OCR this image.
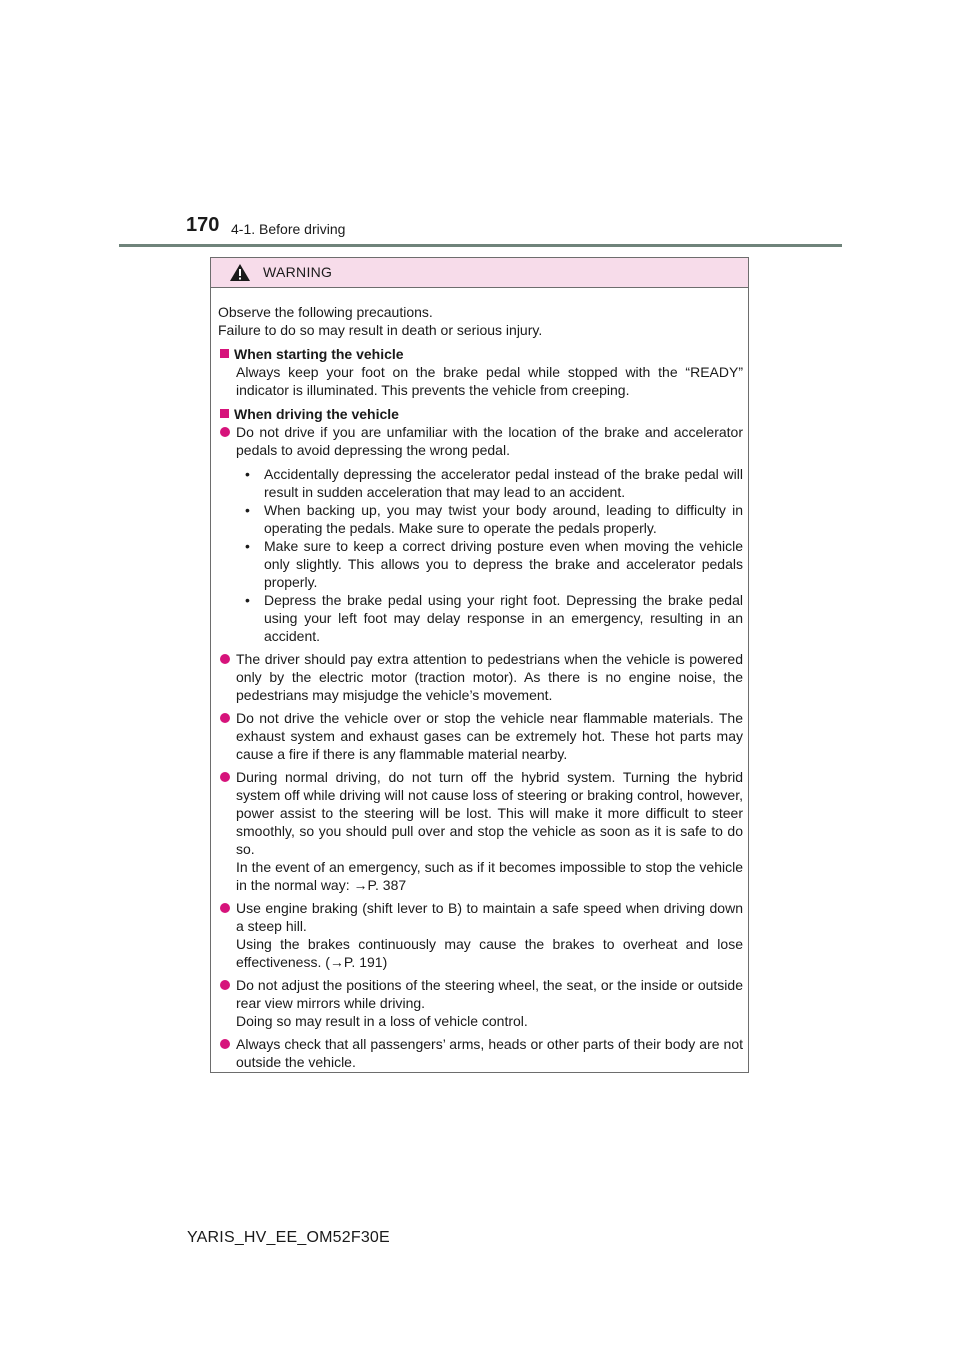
170 4-1. Before driving
WARNING

Observe the following precautions.

Failure to do so may result in death or serious injury.

When starting the vehicle
Always keep your foot on the brake pedal while stopped with the “READY” indicator is illuminated. This prevents the vehicle from creeping.
When driving the vehicle
Do not drive if you are unfamiliar with the location of the brake and accelerator pedals to avoid depressing the wrong pedal.
•	Accidentally depressing the accelerator pedal instead of the brake pedal will result in sudden acceleration that may lead to an accident.
•	When backing up, you may twist your body around, leading to difficulty in operating the pedals. Make sure to operate the pedals properly.
•	Make sure to keep a correct driving posture even when moving the vehicle only slightly. This allows you to depress the brake and accelerator pedals properly.
•	Depress the brake pedal using your right foot. Depressing the brake pedal using your left foot may delay response in an emergency, resulting in an accident.
The driver should pay extra attention to pedestrians when the vehicle is powered only by the electric motor (traction motor). As there is no engine noise, the pedestrians may misjudge the vehicle’s movement.
Do not drive the vehicle over or stop the vehicle near flammable materials. The exhaust system and exhaust gases can be extremely hot. These hot parts may cause a fire if there is any flammable material nearby.
During normal driving, do not turn off the hybrid system. Turning the hybrid system off while driving will not cause loss of steering or braking control, however, power assist to the steering will be lost. This will make it more difficult to steer smoothly, so you should pull over and stop the vehicle as soon as it is safe to do so.
In the event of an emergency, such as if it becomes impossible to stop the vehicle in the normal way: →P. 387
Use engine braking (shift lever to B) to maintain a safe speed when driving down a steep hill.
Using the brakes continuously may cause the brakes to overheat and lose effectiveness. (→P. 191)
Do not adjust the positions of the steering wheel, the seat, or the inside or outside rear view mirrors while driving.
Doing so may result in a loss of vehicle control.
Always check that all passengers’ arms, heads or other parts of their body are not outside the vehicle.
YARIS_HV_EE_OM52F30E
